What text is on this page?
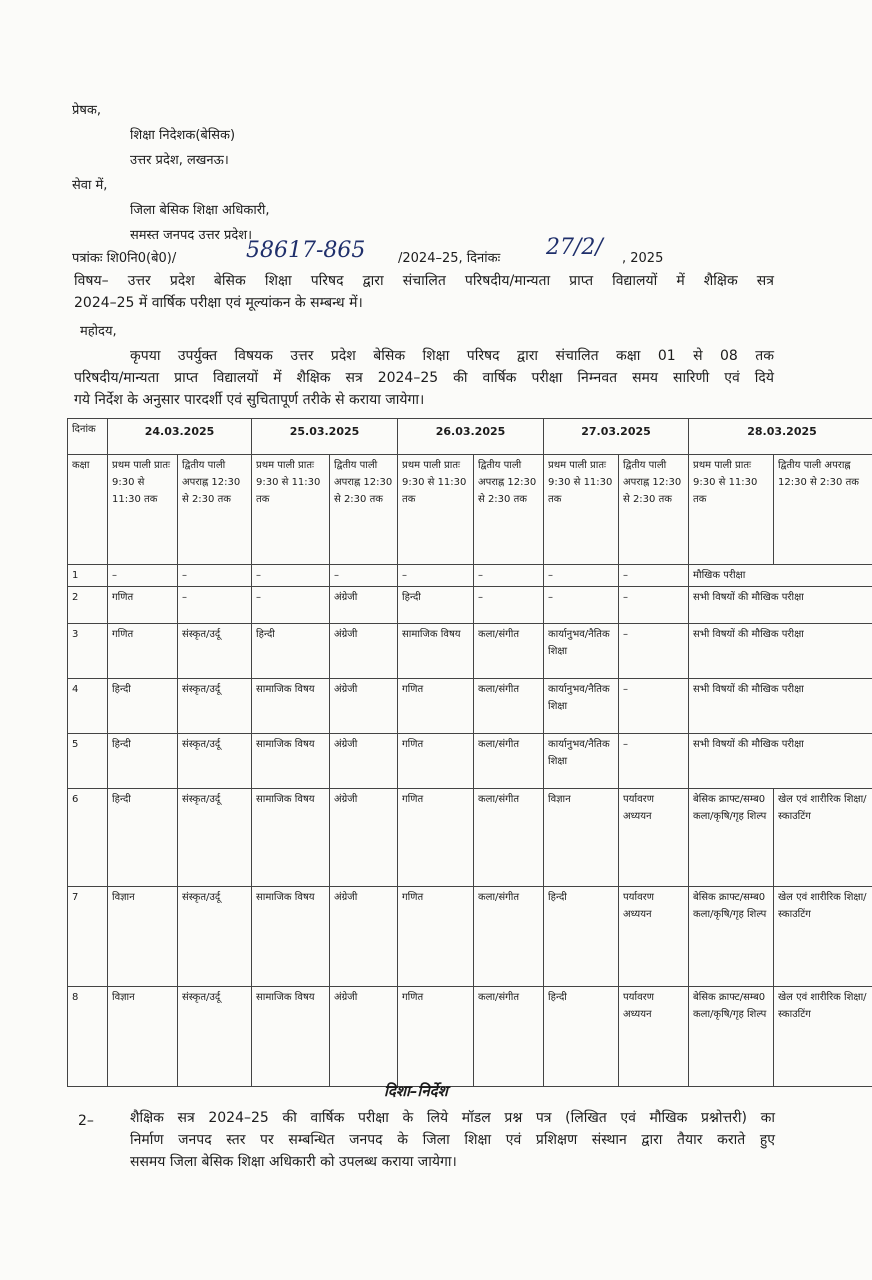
प्रेषक,
शिक्षा निदेशक(बेसिक)
उत्तर प्रदेश, लखनऊ।
सेवा में,
जिला बेसिक शिक्षा अधिकारी,
समस्त जनपद उत्तर प्रदेश।
पत्रांकः शि0नि0(बे0)/	58617-865	/2024–25, दिनांकः 27/2/ , 2025
विषय– उत्तर प्रदेश बेसिक शिक्षा परिषद द्वारा संचालित परिषदीय/मान्यता प्राप्त विद्यालयों में शैक्षिक सत्र
2024–25 में वार्षिक परीक्षा एवं मूल्यांकन के सम्बन्ध में।
महोदय,
कृपया उपर्युक्त विषयक उत्तर प्रदेश बेसिक शिक्षा परिषद द्वारा संचालित कक्षा 01 से 08 तक
परिषदीय/मान्यता प्राप्त विद्यालयों में शैक्षिक सत्र 2024–25 की वार्षिक परीक्षा निम्नवत समय सारिणी एवं दिये
गये निर्देश के अनुसार पारदर्शी एवं सुचितापूर्ण तरीके से कराया जायेगा।
दिनांक	24.03.2025		25.03.2025		26.03.2025		27.03.2025		28.03.2025	
कक्षा	प्रथम पाली प्रातः 9:30 से 11:30 तक	द्वितीय पाली अपराह्न 12:30 से 2:30 तक	प्रथम पाली प्रातः 9:30 से 11:30 तक	द्वितीय पाली अपराह्न 12:30 से 2:30 तक	प्रथम पाली प्रातः 9:30 से 11:30 तक	द्वितीय पाली अपराह्न 12:30 से 2:30 तक	प्रथम पाली प्रातः 9:30 से 11:30 तक	द्वितीय पाली अपराह्न 12:30 से 2:30 तक	प्रथम पाली प्रातः 9:30 से 11:30 तक	द्वितीय पाली अपराह्न 12:30 से 2:30 तक
1	–	–	–	–	–	–	–	–	मौखिक परीक्षा	
2	गणित	–	–	अंग्रेजी	हिन्दी	–	–	–	सभी विषयों की मौखिक परीक्षा	
3	गणित	संस्कृत/उर्दू	हिन्दी	अंग्रेजी	सामाजिक विषय	कला/संगीत	कार्यानुभव/नैतिक शिक्षा	–	सभी विषयों की मौखिक परीक्षा	
4	हिन्दी	संस्कृत/उर्दू	सामाजिक विषय	अंग्रेजी	गणित	कला/संगीत	कार्यानुभव/नैतिक शिक्षा	–	सभी विषयों की मौखिक परीक्षा	
5	हिन्दी	संस्कृत/उर्दू	सामाजिक विषय	अंग्रेजी	गणित	कला/संगीत	कार्यानुभव/नैतिक शिक्षा	–	सभी विषयों की मौखिक परीक्षा	
6	हिन्दी	संस्कृत/उर्दू	सामाजिक विषय	अंग्रेजी	गणित	कला/संगीत	विज्ञान	पर्यावरण अध्ययन	बेसिक क्राफ्ट/सम्ब0 कला/कृषि/गृह शिल्प	खेल एवं शारीरिक शिक्षा/स्काउटिंग
7	विज्ञान	संस्कृत/उर्दू	सामाजिक विषय	अंग्रेजी	गणित	कला/संगीत	हिन्दी	पर्यावरण अध्ययन	बेसिक क्राफ्ट/सम्ब0 कला/कृषि/गृह शिल्प	खेल एवं शारीरिक शिक्षा/स्काउटिंग
8	विज्ञान	संस्कृत/उर्दू	सामाजिक विषय	अंग्रेजी	गणित	कला/संगीत	हिन्दी	पर्यावरण अध्ययन	बेसिक क्राफ्ट/सम्ब0 कला/कृषि/गृह शिल्प	खेल एवं शारीरिक शिक्षा/स्काउटिंग
दिशा–निर्देश
2–	शैक्षिक सत्र 2024–25 की वार्षिक परीक्षा के लिये मॉडल प्रश्न पत्र (लिखित एवं मौखिक प्रश्नोत्तरी) का
निर्माण जनपद स्तर पर सम्बन्धित जनपद के जिला शिक्षा एवं प्रशिक्षण संस्थान द्वारा तैयार कराते हुए
ससमय जिला बेसिक शिक्षा अधिकारी को उपलब्ध कराया जायेगा।
